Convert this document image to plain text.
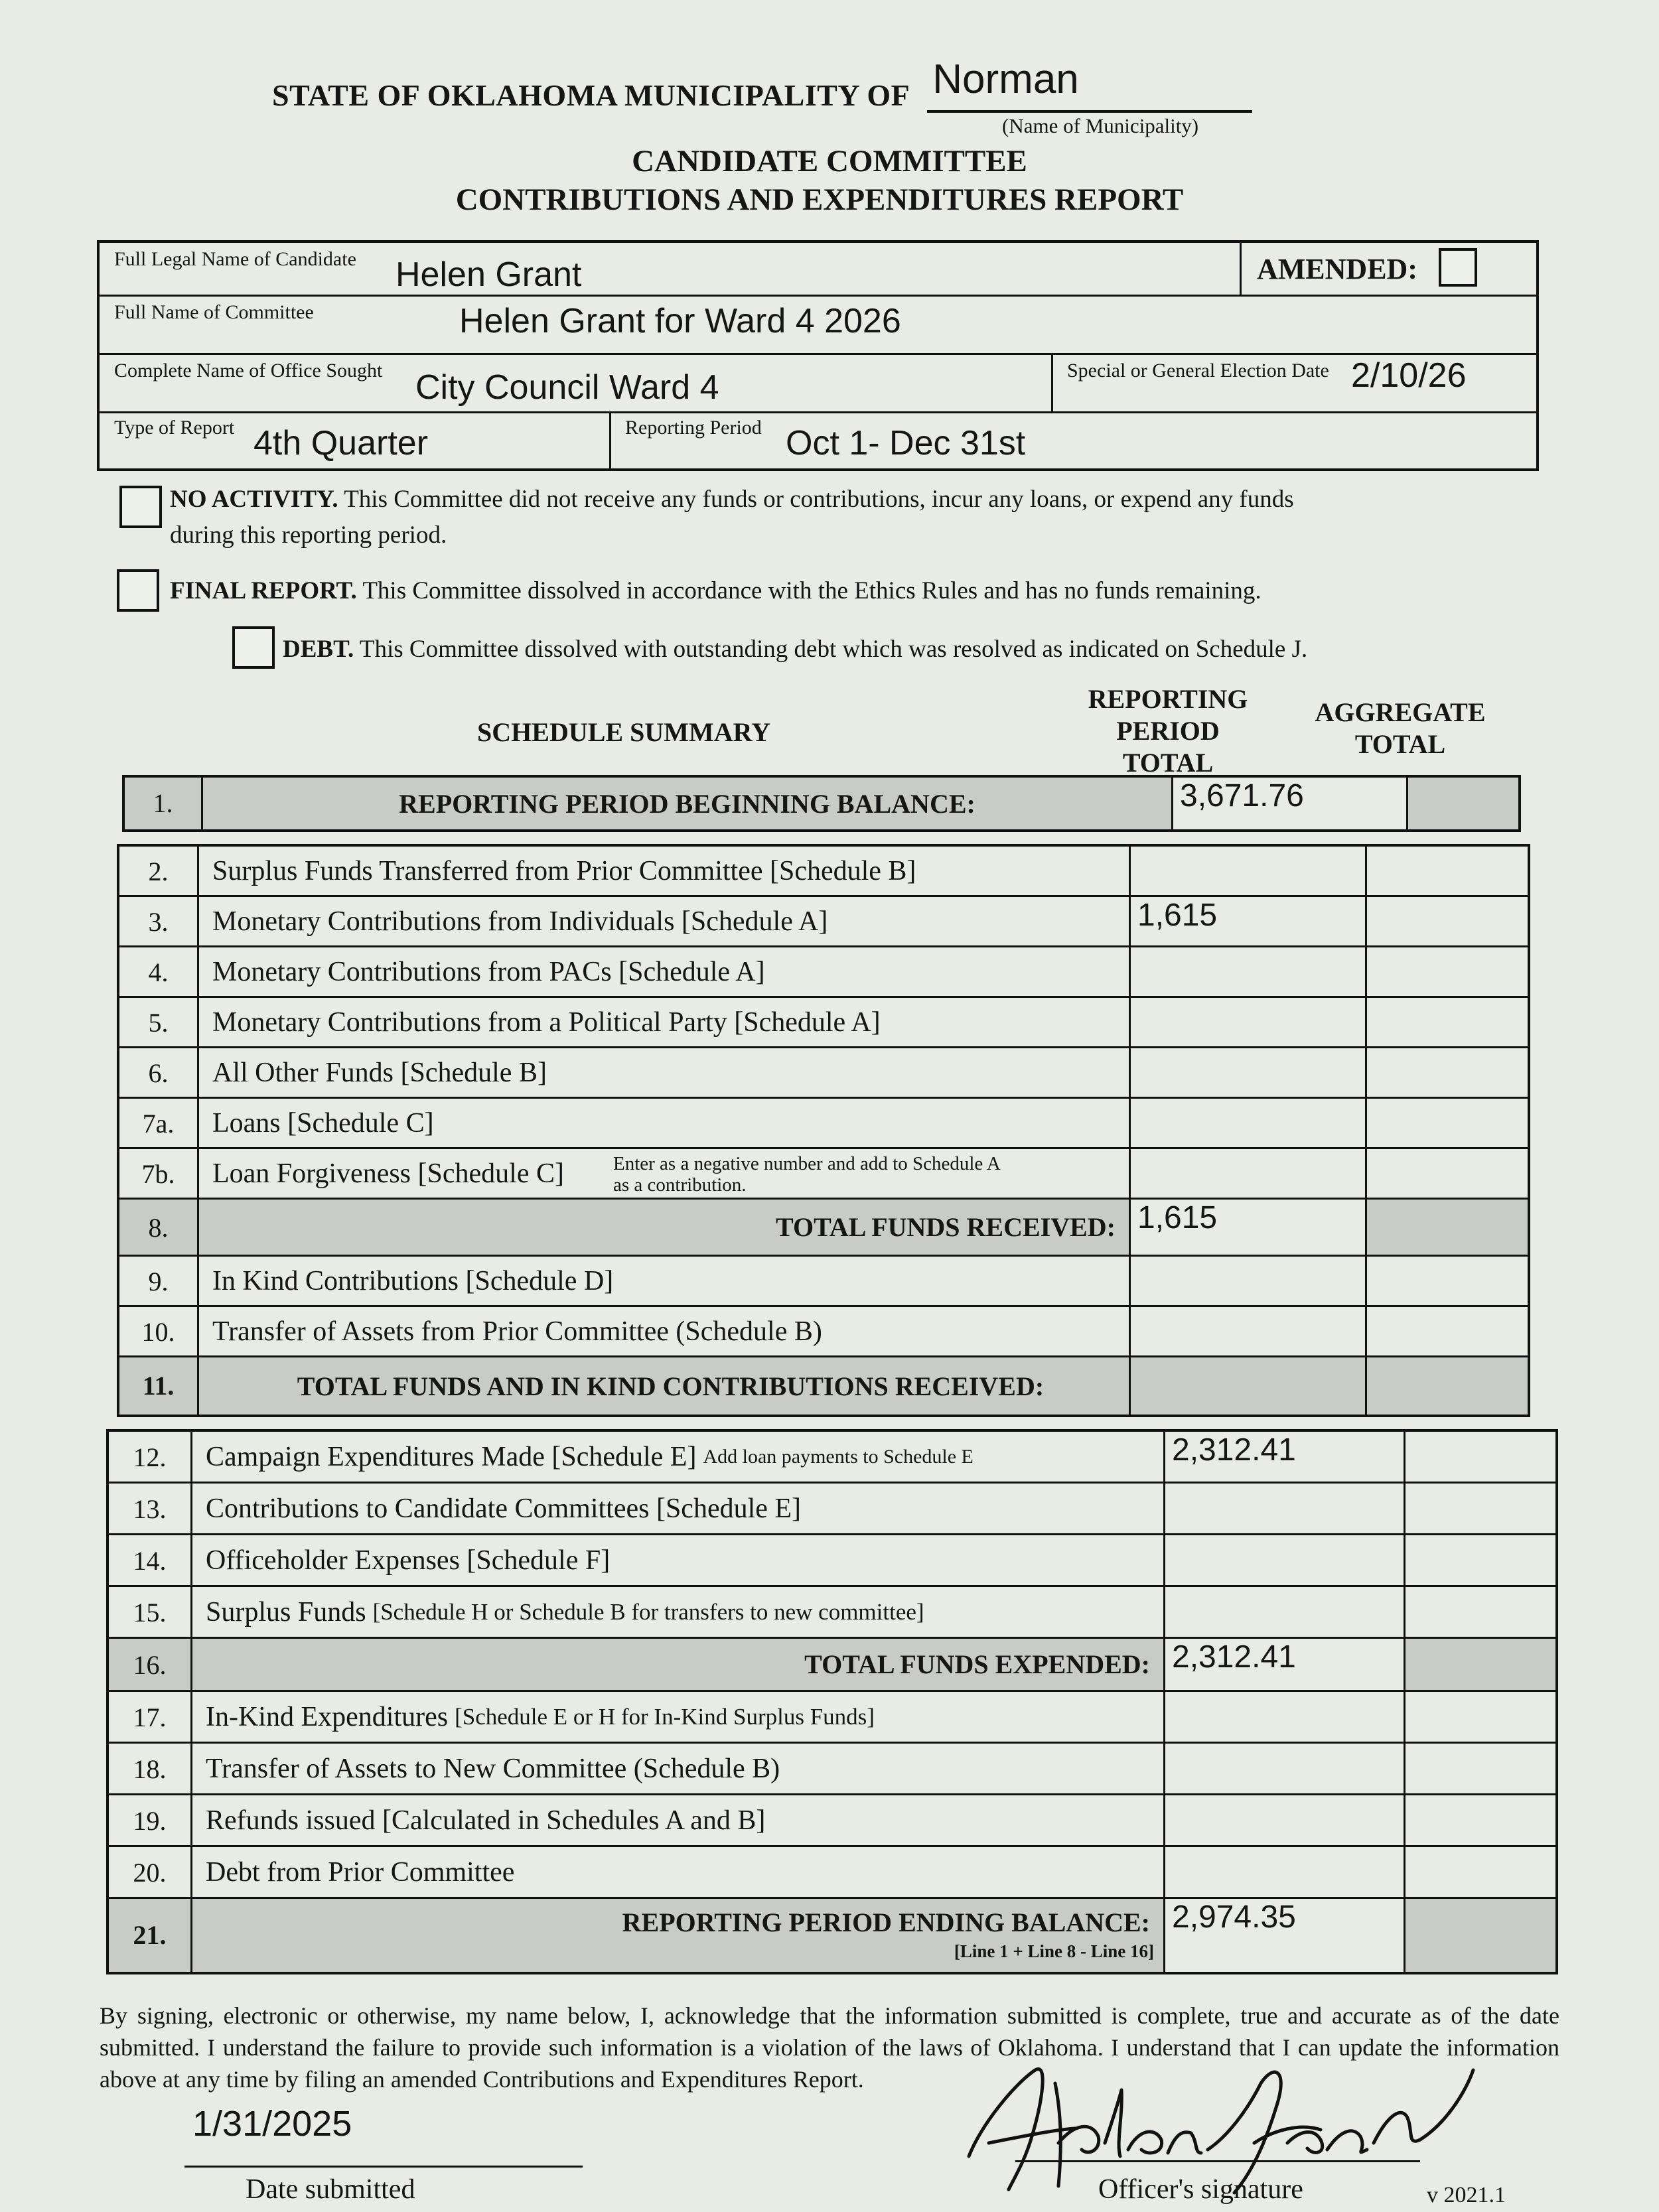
STATE OF OKLAHOMA MUNICIPALITY OF Norman
(Name of Municipality)
CANDIDATE COMMITTEE
CONTRIBUTIONS AND EXPENDITURES REPORT
Full Legal Name of Candidate Helen Grant	AMENDED:
Full Name of Committee	Helen Grant for Ward 4 2026
Complete Name of Office Sought City Council Ward 4	Special or General Election Date 2/10/26
Type of Report 4th Quarter	Reporting Period Oct 1- Dec 31st
NO ACTIVITY. This Committee did not receive any funds or contributions, incur any loans, or expend any funds
during this reporting period.
FINAL REPORT. This Committee dissolved in accordance with the Ethics Rules and has no funds remaining.
DEBT. This Committee dissolved with outstanding debt which was resolved as indicated on Schedule J.
SCHEDULE SUMMARY
REPORTING
PERIOD
TOTAL
AGGREGATE
TOTAL
1.	REPORTING PERIOD BEGINNING BALANCE:	3,671.76
2.	Surplus Funds Transferred from Prior Committee [Schedule B]
3.	Monetary Contributions from Individuals [Schedule A]	1,615
4.	Monetary Contributions from PACs [Schedule A]
5.	Monetary Contributions from a Political Party [Schedule A]
6.	All Other Funds [Schedule B]
7a.	Loans [Schedule C]
7b.	Loan Forgiveness [Schedule C]	Enter as a negative number and add to Schedule A
as a contribution.
8.	TOTAL FUNDS RECEIVED: 1,615
9.	In Kind Contributions [Schedule D]
10.	Transfer of Assets from Prior Committee (Schedule B)
11.	TOTAL FUNDS AND IN KIND CONTRIBUTIONS RECEIVED:
12.	Campaign Expenditures Made [Schedule E] Add loan payments to Schedule E	2,312.41
13.	Contributions to Candidate Committees [Schedule E]
14.	Officeholder Expenses [Schedule F]
15.	Surplus Funds [Schedule H or Schedule B for transfers to new committee]
16.	TOTAL FUNDS EXPENDED: 2,312.41
17.	In-Kind Expenditures [Schedule E or H for In-Kind Surplus Funds]
18.	Transfer of Assets to New Committee (Schedule B)
19.	Refunds issued [Calculated in Schedules A and B]
20.	Debt from Prior Committee
21.	REPORTING PERIOD ENDING BALANCE:
[Line 1 + Line 8 - Line 16]
2,974.35
By signing, electronic or otherwise, my name below, I, acknowledge that the information submitted is complete, true and accurate as of the date submitted. I understand the failure to provide such information is a violation of the laws of Oklahoma. I understand that I can update the information above at any time by filing an amended Contributions and Expenditures Report.
1/31/2025
Date submitted	Officer's signature	v 2021.1
